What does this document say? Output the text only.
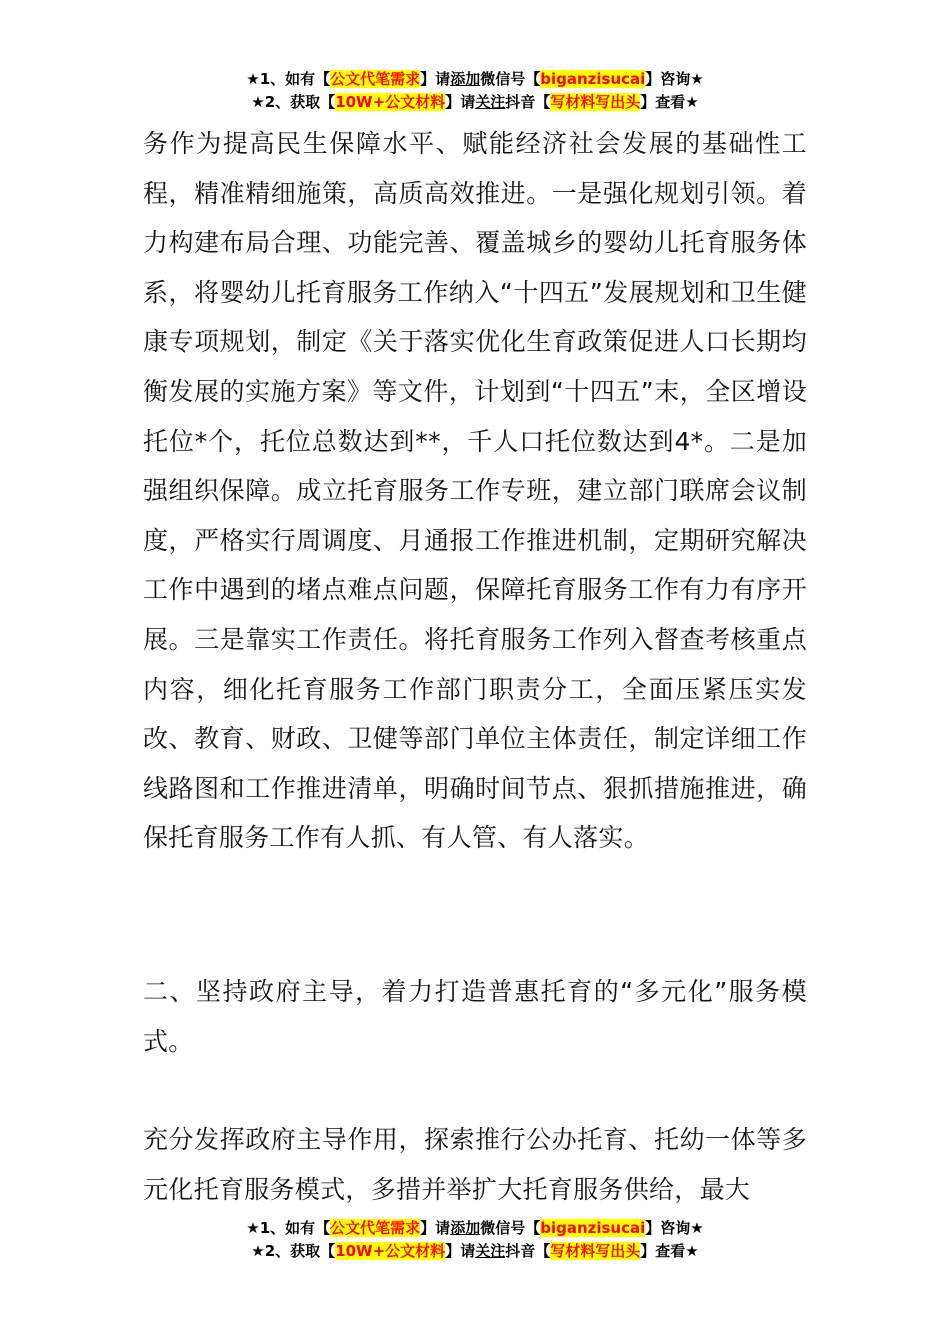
★1、如有【公文代笔需求】请添加微信号【biganzisucai】咨询★
★2、获取【10W+公文材料】请关注抖音【写材料写出头】查看★
务作为提高民生保障水平、赋能经济社会发展的基础性工程，精准精细施策，高质高效推进。一是强化规划引领。着力构建布局合理、功能完善、覆盖城乡的婴幼儿托育服务体系，将婴幼儿托育服务工作纳入“十四五”发展规划和卫生健康专项规划，制定《关于落实优化生育政策促进人口长期均衡发展的实施方案》等文件，计划到“十四五”末，全区增设托位*个，托位总数达到**，千人口托位数达到4*。二是加强组织保障。成立托育服务工作专班，建立部门联席会议制度，严格实行周调度、月通报工作推进机制，定期研究解决工作中遇到的堵点难点问题，保障托育服务工作有力有序开展。三是靠实工作责任。将托育服务工作列入督查考核重点内容，细化托育服务工作部门职责分工，全面压紧压实发改、教育、财政、卫健等部门单位主体责任，制定详细工作线路图和工作推进清单，明确时间节点、狠抓措施推进，确保托育服务工作有人抓、有人管、有人落实。
二、坚持政府主导，着力打造普惠托育的“多元化”服务模式。
充分发挥政府主导作用，探索推行公办托育、托幼一体等多元化托育服务模式，多措并举扩大托育服务供给，最大
★1、如有【公文代笔需求】请添加微信号【biganzisucai】咨询★
★2、获取【10W+公文材料】请关注抖音【写材料写出头】查看★
